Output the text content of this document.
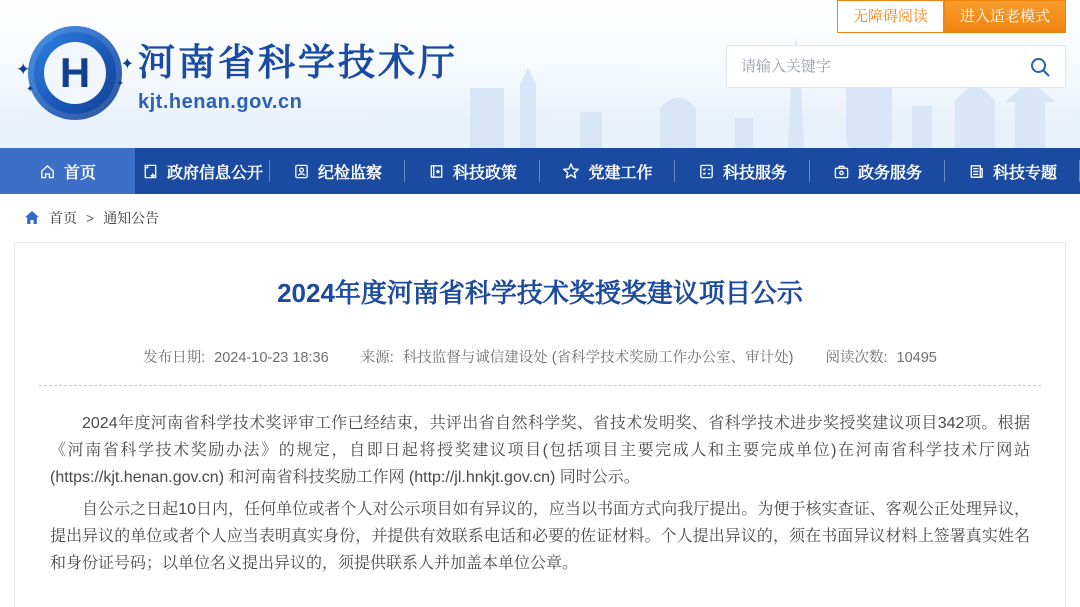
无障碍阅读	进入适老模式
✦
✦
✦
✦
H 河南省科学技术厅
kjt.henan.gov.cn
请输入关键字
首页	政府信息公开	纪检监察	科技政策	党建工作	科技服务	政务服务	科技专题
首页 > 通知公告
2024年度河南省科学技术奖授奖建议项目公示
发布日期: 2024-10-23 18:36 来源: 科技监督与诚信建设处 (省科学技术奖励工作办公室、审计处) 阅读次数: 10495

2024年度河南省科学技术奖评审工作已经结束，共评出省自然科学奖、省技术发明奖、省科学技术进步奖授奖建议项目342项。根据《河南省科学技术奖励办法》的规定，自即日起将授奖建议项目(包括项目主要完成人和主要完成单位)在河南省科学技术厅网站 (https://kjt.henan.gov.cn) 和河南省科技奖励工作网 (http://jl.hnkjt.gov.cn) 同时公示。

自公示之日起10日内，任何单位或者个人对公示项目如有异议的，应当以书面方式向我厅提出。为便于核实查证、客观公正处理异议，提出异议的单位或者个人应当表明真实身份，并提供有效联系电话和必要的佐证材料。个人提出异议的，须在书面异议材料上签署真实姓名和身份证号码；以单位名义提出异议的，须提供联系人并加盖本单位公章。
